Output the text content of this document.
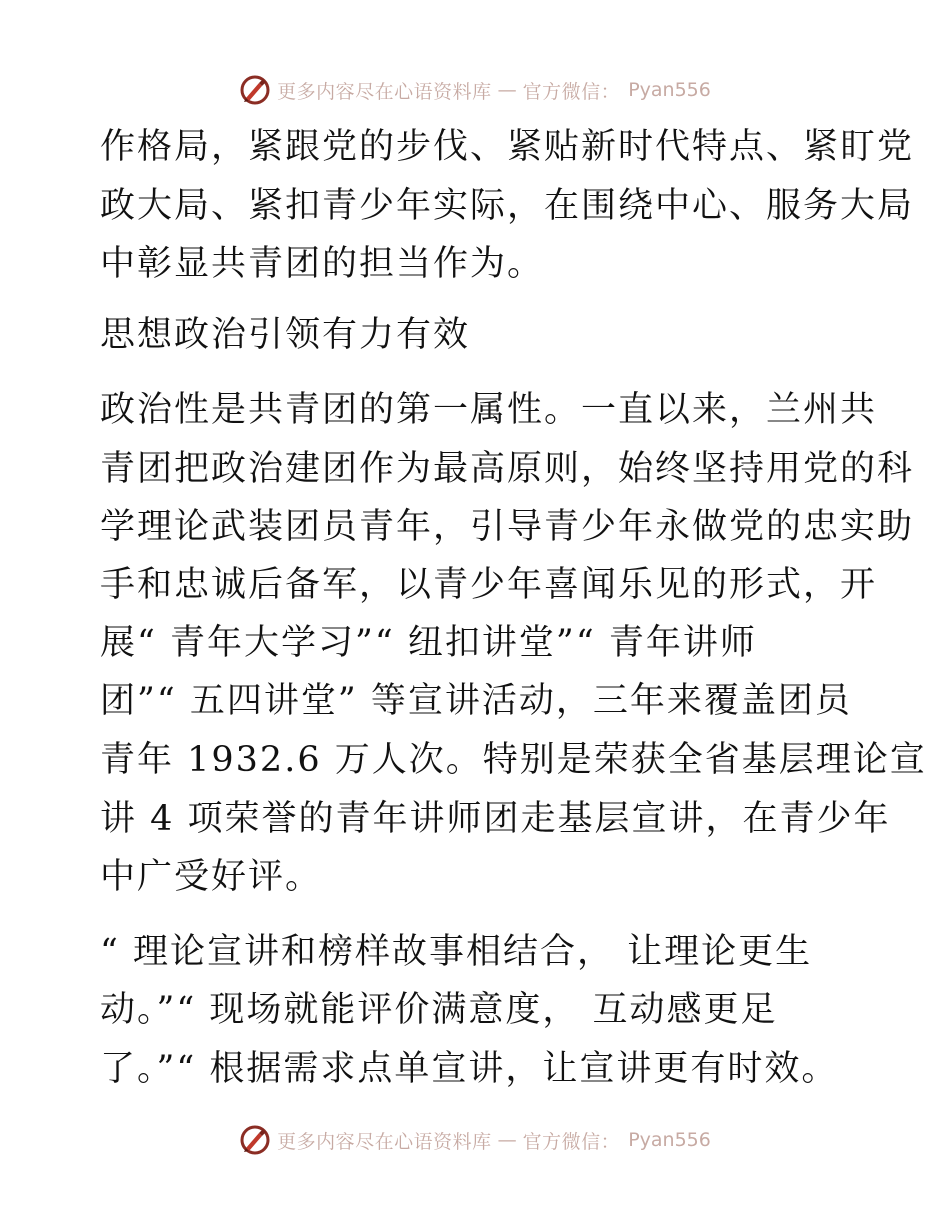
更多内容尽在心语资料库 — 官方微信： Pyan556
作格局，紧跟党的步伐、紧贴新时代特点、紧盯党
政大局、紧扣青少年实际，在围绕中心、服务大局
中彰显共青团的担当作为。
思想政治引领有力有效
政治性是共青团的第一属性。一直以来，兰州共
青团把政治建团作为最高原则，始终坚持用党的科
学理论武装团员青年，引导青少年永做党的忠实助
手和忠诚后备军，以青少年喜闻乐见的形式，开
展“ 青年大学习”“ 纽扣讲堂”“ 青年讲师
团”“ 五四讲堂” 等宣讲活动，三年来覆盖团员
青年 1932.6 万人次。特别是荣获全省基层理论宣
讲 4 项荣誉的青年讲师团走基层宣讲，在青少年
中广受好评。
“ 理论宣讲和榜样故事相结合， 让理论更生
动。”“ 现场就能评价满意度， 互动感更足
了。”“ 根据需求点单宣讲，让宣讲更有时效。
更多内容尽在心语资料库 — 官方微信： Pyan556
